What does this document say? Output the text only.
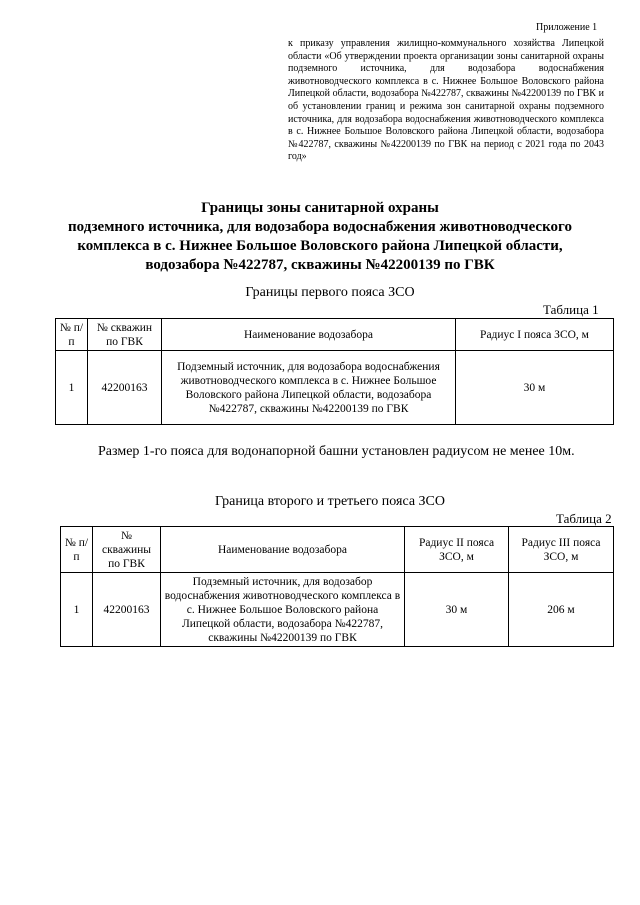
Приложение 1
к приказу управления жилищно-коммунального хозяйства Липецкой области «Об утверждении проекта организации зоны санитарной охраны подземного источника, для водозабора водоснабжения животноводческого комплекса в с. Нижнее Большое Воловского района Липецкой области, водозабора №422787, скважины №42200139 по ГВК и об установлении границ и режима зон санитарной охраны подземного источника, для водозабора водоснабжения животноводческого комплекса в с. Нижнее Большое Воловского района Липецкой области, водозабора №422787, скважины №42200139 по ГВК на период с 2021 года по 2043 год»
Границы зоны санитарной охраны
подземного источника, для водозабора водоснабжения животноводческого
комплекса в с. Нижнее Большое Воловского района Липецкой области,
водозабора №422787, скважины №42200139 по ГВК
Границы первого пояса ЗСО
Таблица 1
№ п/п	№ скважин по ГВК	Наименование водозабора	Радиус I пояса ЗСО, м
1	42200163	Подземный источник, для водозабора водоснабжения животноводческого комплекса в с. Нижнее Большое Воловского района Липецкой области, водозабора №422787, скважины №42200139 по ГВК	30 м
Размер 1-го пояса для водонапорной башни установлен радиусом не менее 10м.
Граница второго и третьего пояса ЗСО
Таблица 2
№ п/п	№ скважины по ГВК	Наименование водозабора	Радиус II пояса ЗСО, м	Радиус III пояса ЗСО, м
1	42200163	Подземный источник, для водозабор водоснабжения животноводческого комплекса в с. Нижнее Большое Воловского района Липецкой области, водозабора №422787, скважины №42200139 по ГВК	30 м	206 м
